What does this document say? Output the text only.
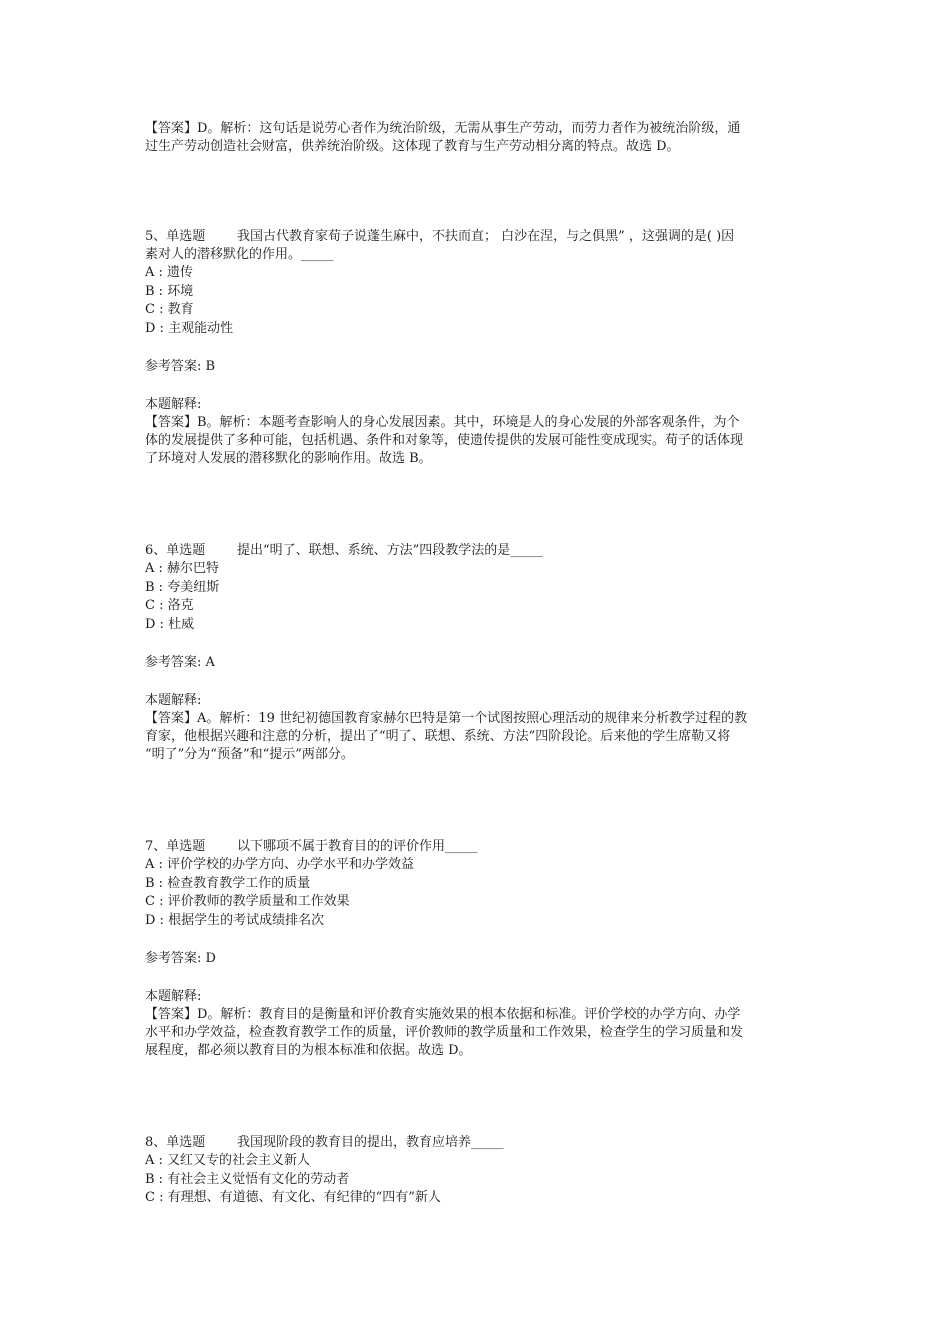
【答案】D。解析：这句话是说劳心者作为统治阶级，无需从事生产劳动，而劳力者作为被统治阶级，通
过生产劳动创造社会财富，供养统治阶级。这体现了教育与生产劳动相分离的特点。故选 D。
5、单选题 我国古代教育家荀子说蓬生麻中，不扶而直； 白沙在涅，与之俱黑” ，这强调的是( )因
素对人的潜移默化的作用。_____
A : 遗传
B : 环境
C : 教育
D : 主观能动性
参考答案: B
本题解释:
【答案】B。解析：本题考查影响人的身心发展因素。其中，环境是人的身心发展的外部客观条件，为个
体的发展提供了多种可能，包括机遇、条件和对象等，使遗传提供的发展可能性变成现实。荀子的话体现
了环境对人发展的潜移默化的影响作用。故选 B。
6、单选题 提出“明了、联想、系统、方法”四段教学法的是_____
A : 赫尔巴特
B : 夸美纽斯
C : 洛克
D : 杜威
参考答案: A
本题解释:
【答案】A。解析：19 世纪初德国教育家赫尔巴特是第一个试图按照心理活动的规律来分析教学过程的教
育家，他根据兴趣和注意的分析，提出了“明了、联想、系统、方法”四阶段论。后来他的学生席勒又将
“明了”分为“预备”和“提示”两部分。
7、单选题 以下哪项不属于教育目的的评价作用_____
A : 评价学校的办学方向、办学水平和办学效益
B : 检查教育教学工作的质量
C : 评价教师的教学质量和工作效果
D : 根据学生的考试成绩排名次
参考答案: D
本题解释:
【答案】D。解析：教育目的是衡量和评价教育实施效果的根本依据和标准。评价学校的办学方向、办学
水平和办学效益，检查教育教学工作的质量，评价教师的教学质量和工作效果，检查学生的学习质量和发
展程度，都必须以教育目的为根本标准和依据。故选 D。
8、单选题 我国现阶段的教育目的提出，教育应培养_____
A : 又红又专的社会主义新人
B : 有社会主义觉悟有文化的劳动者
C : 有理想、有道德、有文化、有纪律的“四有”新人
